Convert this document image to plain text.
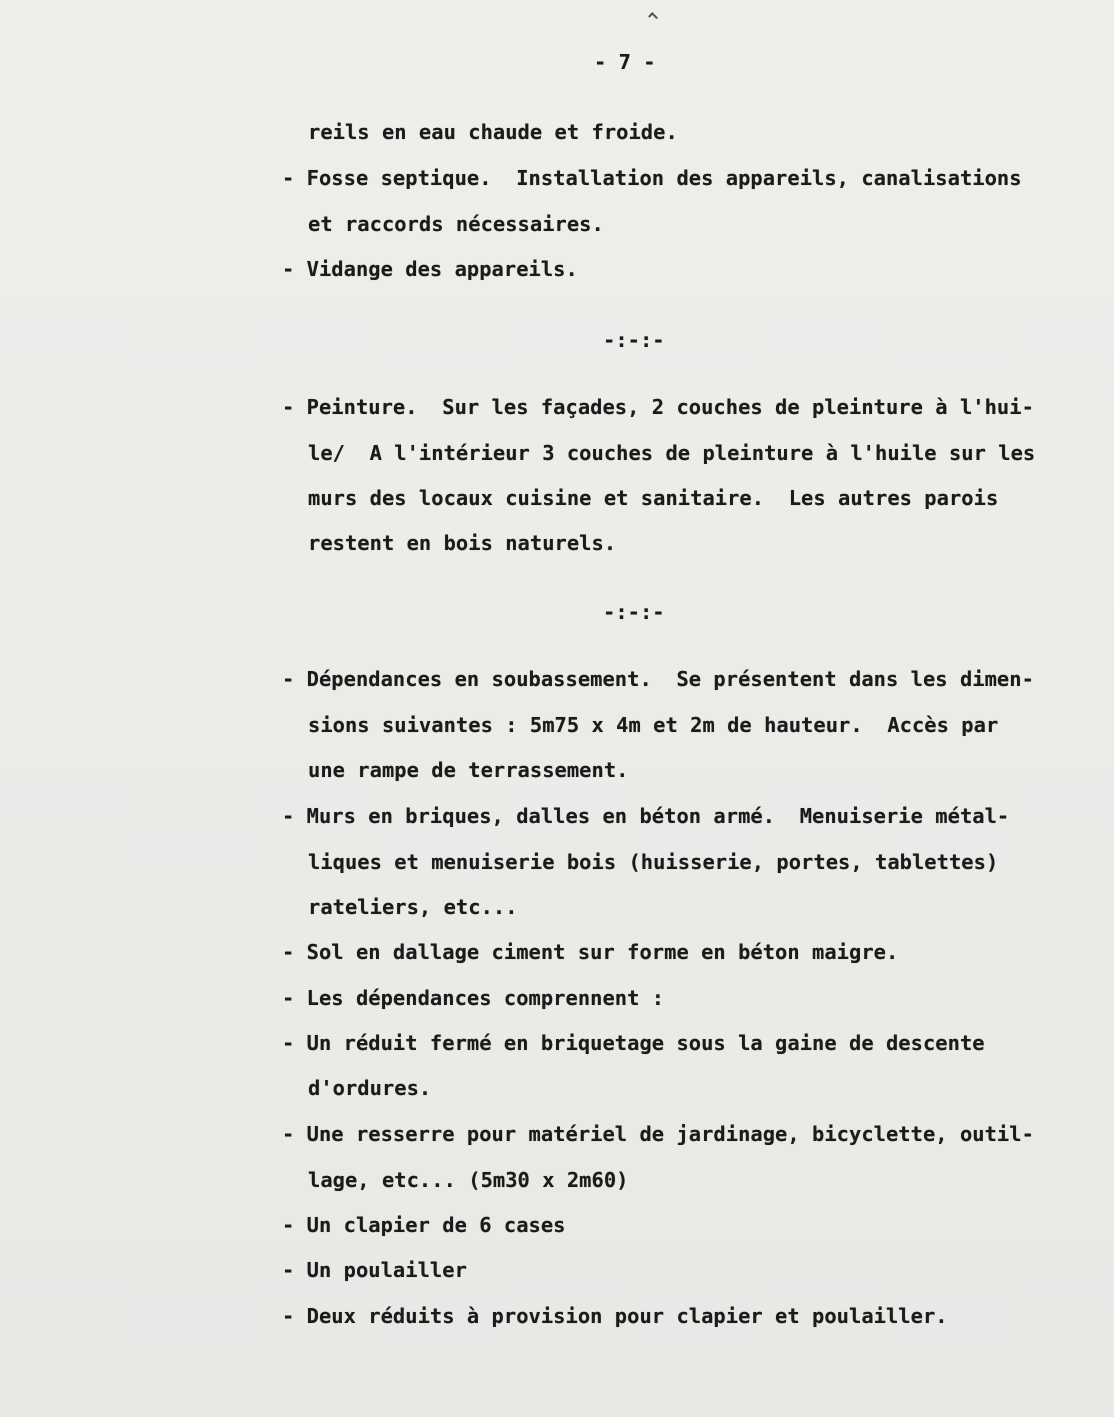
- 7 -

-:-:-

-:-:-

reils en eau chaude et froide.

- Fosse septique.  Installation des appareils, canalisations

et raccords nécessaires.

- Vidange des appareils.

- Peinture.  Sur les façades, 2 couches de pleinture à l'hui-

le/  A l'intérieur 3 couches de pleinture à l'huile sur les

murs des locaux cuisine et sanitaire.  Les autres parois

restent en bois naturels.

- Dépendances en soubassement.  Se présentent dans les dimen-

sions suivantes : 5m75 x 4m et 2m de hauteur.  Accès par

une rampe de terrassement.

- Murs en briques, dalles en béton armé.  Menuiserie métal-

liques et menuiserie bois (huisserie, portes, tablettes)

rateliers, etc...

- Sol en dallage ciment sur forme en béton maigre.

- Les dépendances comprennent :

- Un réduit fermé en briquetage sous la gaine de descente

d'ordures.

- Une resserre pour matériel de jardinage, bicyclette, outil-

lage, etc... (5m30 x 2m60)

- Un clapier de 6 cases

- Un poulailler

- Deux réduits à provision pour clapier et poulailler.
